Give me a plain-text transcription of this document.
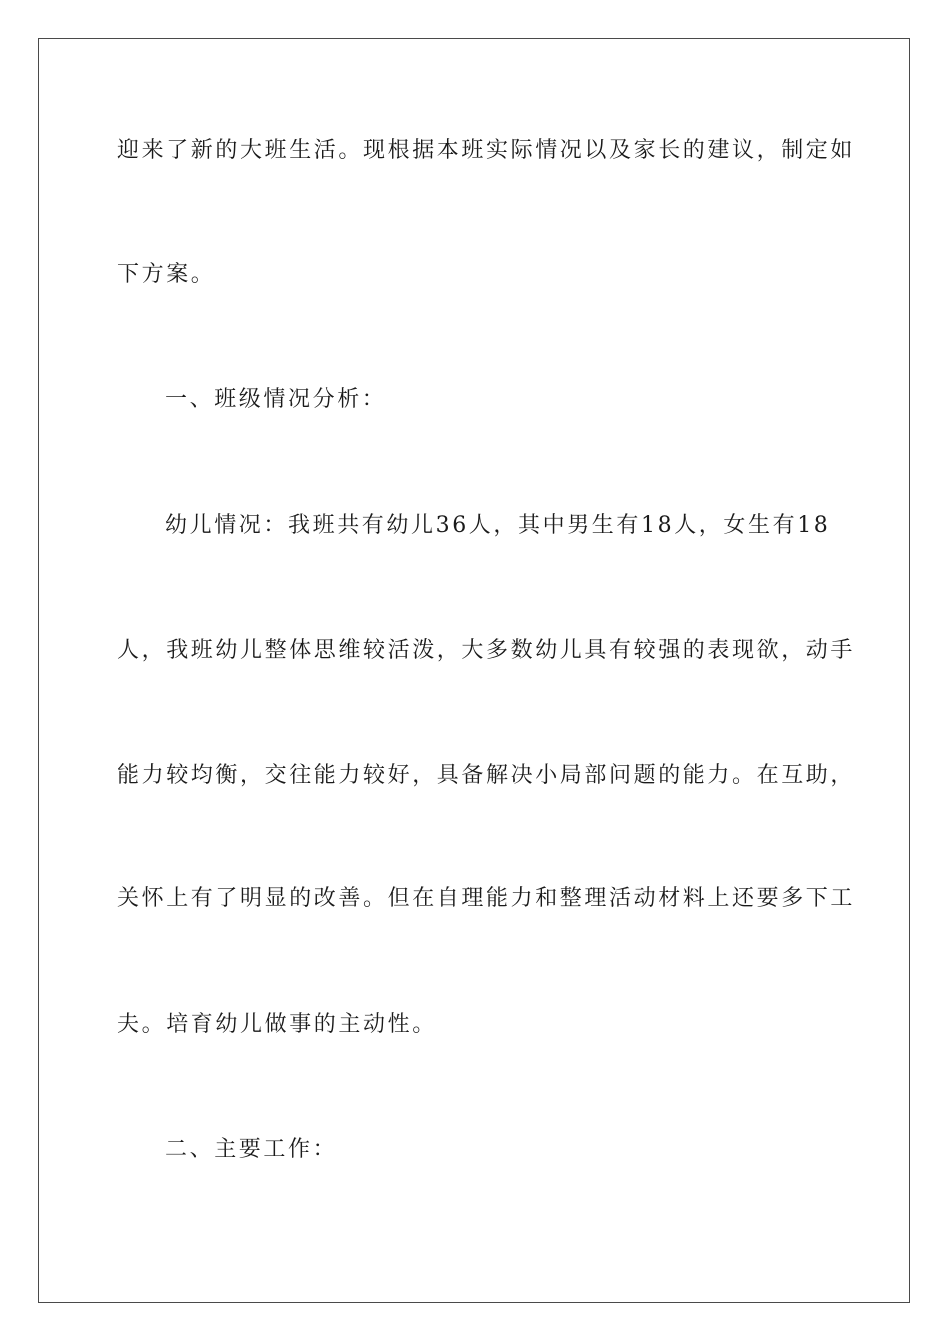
迎来了新的大班生活。现根据本班实际情况以及家长的建议，制定如
下方案。
一、班级情况分析：
幼儿情况：我班共有幼儿36人，其中男生有18人，女生有18
人，我班幼儿整体思维较活泼，大多数幼儿具有较强的表现欲，动手
能力较均衡，交往能力较好，具备解决小局部问题的能力。在互助，
关怀上有了明显的改善。但在自理能力和整理活动材料上还要多下工
夫。培育幼儿做事的主动性。
二、主要工作：
